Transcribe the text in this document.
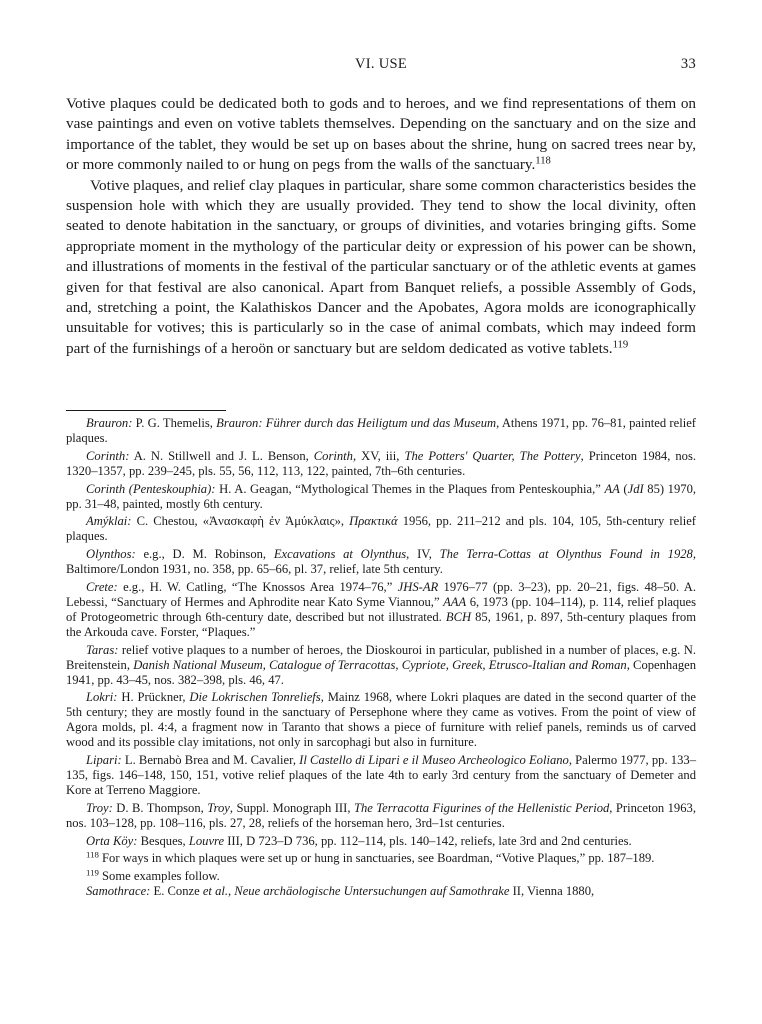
VI. USE	33

Votive plaques could be dedicated both to gods and to heroes, and we find representations of them on vase paintings and even on votive tablets themselves. Depending on the sanctuary and on the size and importance of the tablet, they would be set up on bases about the shrine, hung on sacred trees near by, or more commonly nailed to or hung on pegs from the walls of the sanctuary.$^{118}$

Votive plaques, and relief clay plaques in particular, share some common characteristics besides the suspension hole with which they are usually provided. They tend to show the local divinity, often seated to denote habitation in the sanctuary, or groups of divinities, and votaries bringing gifts. Some appropriate moment in the mythology of the particular deity or expression of his power can be shown, and illustrations of moments in the festival of the particular sanctuary or of the athletic events at games given for that festival are also canonical. Apart from Banquet reliefs, a possible Assembly of Gods, and, stretching a point, the Kalathiskos Dancer and the Apobates, Agora molds are iconographically unsuitable for votives; this is particularly so in the case of animal combats, which may indeed form part of the furnishings of a heroön or sanctuary but are seldom dedicated as votive tablets.$^{119}$

Brauron: P. G. Themelis, Brauron: Führer durch das Heiligtum und das Museum, Athens 1971, pp. 76–81, painted relief plaques.

Corinth: A. N. Stillwell and J. L. Benson, Corinth, XV, iii, The Potters' Quarter, The Pottery, Princeton 1984, nos. 1320–1357, pp. 239–245, pls. 55, 56, 112, 113, 122, painted, 7th–6th centuries.

Corinth (Penteskouphia): H. A. Geagan, “Mythological Themes in the Plaques from Penteskouphia,” AA (JdI 85) 1970, pp. 31–48, painted, mostly 6th century.

Amýklai: C. Chestou, «Ἀνασκαφὴ ἐν Ἀμύκλαις», Πρακτικά 1956, pp. 211–212 and pls. 104, 105, 5th-century relief plaques.

Olynthos: e.g., D. M. Robinson, Excavations at Olynthus, IV, The Terra-Cottas at Olynthus Found in 1928, Baltimore/London 1931, no. 358, pp. 65–66, pl. 37, relief, late 5th century.

Crete: e.g., H. W. Catling, “The Knossos Area 1974–76,” JHS-AR 1976–77 (pp. 3–23), pp. 20–21, figs. 48–50. A. Lebessi, “Sanctuary of Hermes and Aphrodite near Kato Syme Viannou,” AAA 6, 1973 (pp. 104–114), p. 114, relief plaques of Protogeometric through 6th-century date, described but not illustrated. BCH 85, 1961, p. 897, 5th-century plaques from the Arkouda cave. Forster, “Plaques.”

Taras: relief votive plaques to a number of heroes, the Dioskouroi in particular, published in a number of places, e.g. N. Breitenstein, Danish National Museum, Catalogue of Terracottas, Cypriote, Greek, Etrusco-Italian and Roman, Copenhagen 1941, pp. 43–45, nos. 382–398, pls. 46, 47.

Lokri: H. Prückner, Die Lokrischen Tonreliefs, Mainz 1968, where Lokri plaques are dated in the second quarter of the 5th century; they are mostly found in the sanctuary of Persephone where they came as votives. From the point of view of Agora molds, pl. 4:4, a fragment now in Taranto that shows a piece of furniture with relief panels, reminds us of carved wood and its possible clay imitations, not only in sarcophagi but also in furniture.

Lipari: L. Bernabò Brea and M. Cavalier, Il Castello di Lipari e il Museo Archeologico Eoliano, Palermo 1977, pp. 133–135, figs. 146–148, 150, 151, votive relief plaques of the late 4th to early 3rd century from the sanctuary of Demeter and Kore at Terreno Maggiore.

Troy: D. B. Thompson, Troy, Suppl. Monograph III, The Terracotta Figurines of the Hellenistic Period, Princeton 1963, nos. 103–128, pp. 108–116, pls. 27, 28, reliefs of the horseman hero, 3rd–1st centuries.

Orta Köy: Besques, Louvre III, D 723–D 736, pp. 112–114, pls. 140–142, reliefs, late 3rd and 2nd centuries.

$^{118}$ For ways in which plaques were set up or hung in sanctuaries, see Boardman, “Votive Plaques,” pp. 187–189.

$^{119}$ Some examples follow.

Samothrace: E. Conze et al., Neue archäologische Untersuchungen auf Samothrake II, Vienna 1880,
